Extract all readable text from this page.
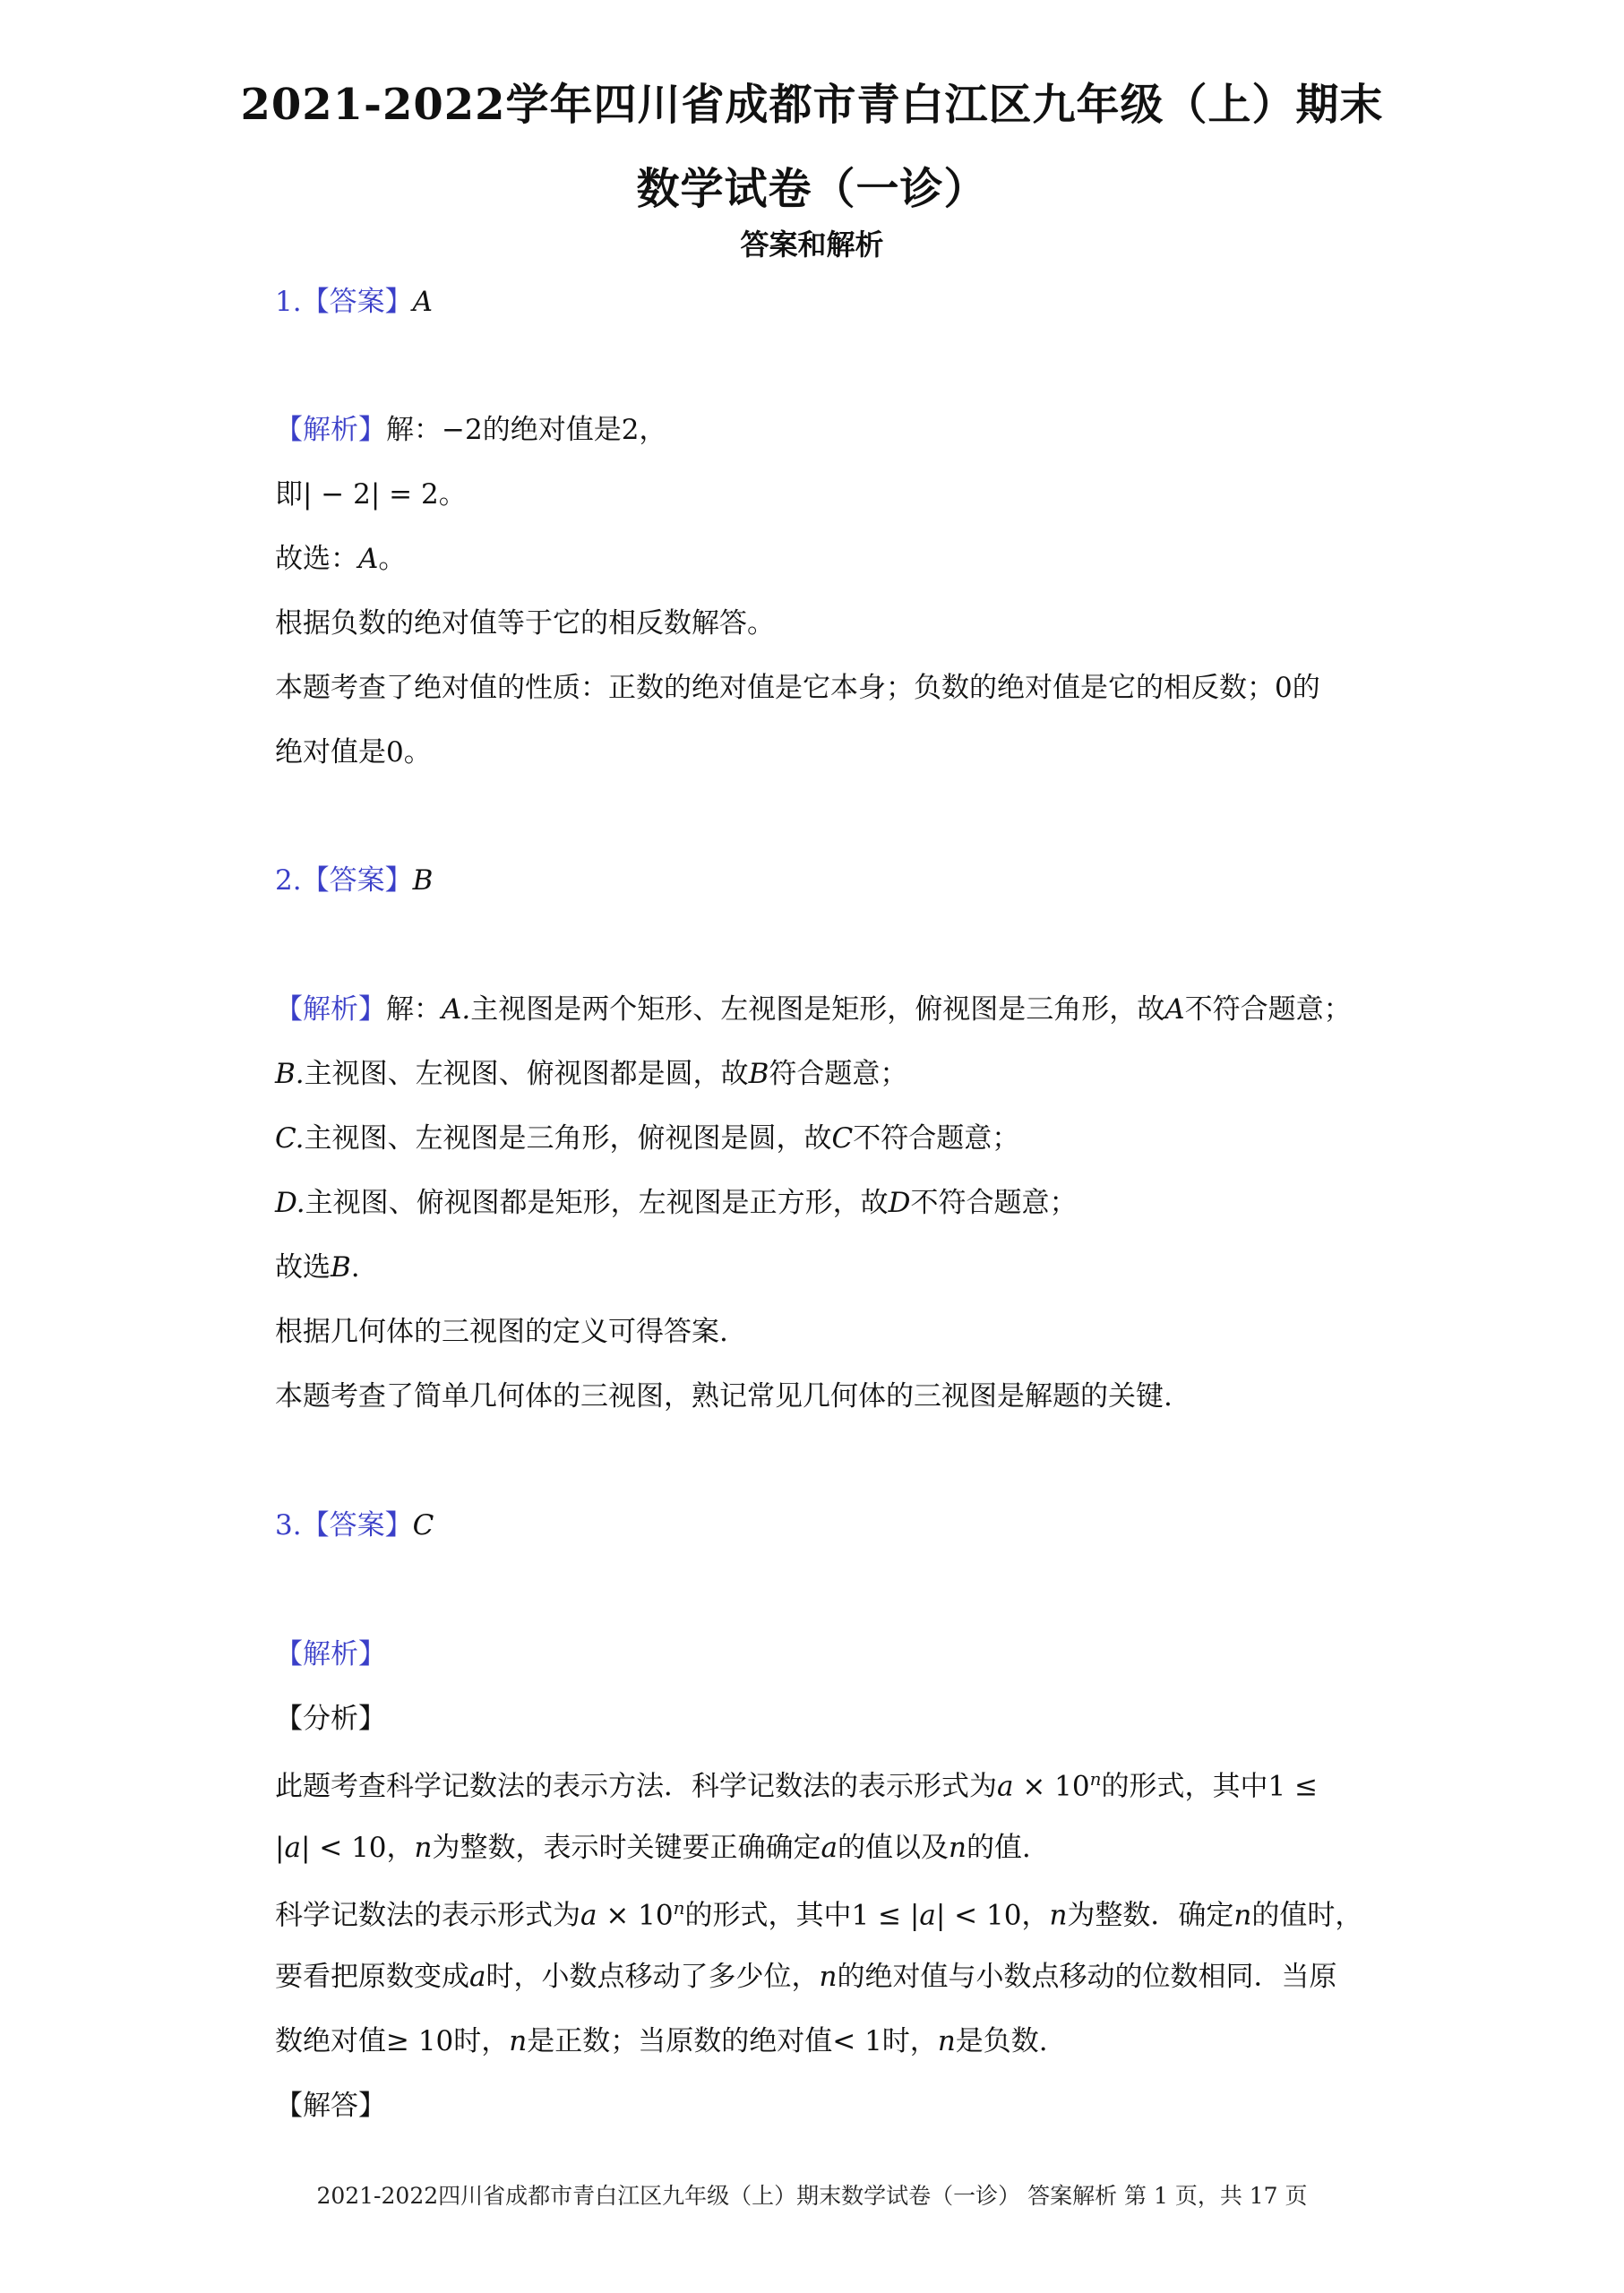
2021-2022学年四川省成都市青白江区九年级（上）期末
数学试卷（一诊）
答案和解析
1.【答案】A
【解析】解：−2的绝对值是2，
即| − 2| = 2。
故选：A。
根据负数的绝对值等于它的相反数解答。
本题考查了绝对值的性质：正数的绝对值是它本身；负数的绝对值是它的相反数；0的
绝对值是0。
2.【答案】B
【解析】解：A.主视图是两个矩形、左视图是矩形，俯视图是三角形，故A不符合题意；
B.主视图、左视图、俯视图都是圆，故B符合题意；
C.主视图、左视图是三角形，俯视图是圆，故C不符合题意；
D.主视图、俯视图都是矩形，左视图是正方形，故D不符合题意；
故选B.
根据几何体的三视图的定义可得答案.
本题考查了简单几何体的三视图，熟记常见几何体的三视图是解题的关键.
3.【答案】C
【解析】
【分析】
此题考查科学记数法的表示方法．科学记数法的表示形式为$a \times 10^n$的形式，其中1 ≤
|a| < 10，n为整数，表示时关键要正确确定a的值以及n的值.
科学记数法的表示形式为$a \times 10^n$的形式，其中1 ≤ |a| < 10，n为整数．确定n的值时，
要看把原数变成a时，小数点移动了多少位，n的绝对值与小数点移动的位数相同．当原
数绝对值≥ 10时，n是正数；当原数的绝对值< 1时，n是负数.
【解答】
2021-2022四川省成都市青白江区九年级（上）期末数学试卷（一诊） 答案解析 第 1 页，共 17 页
